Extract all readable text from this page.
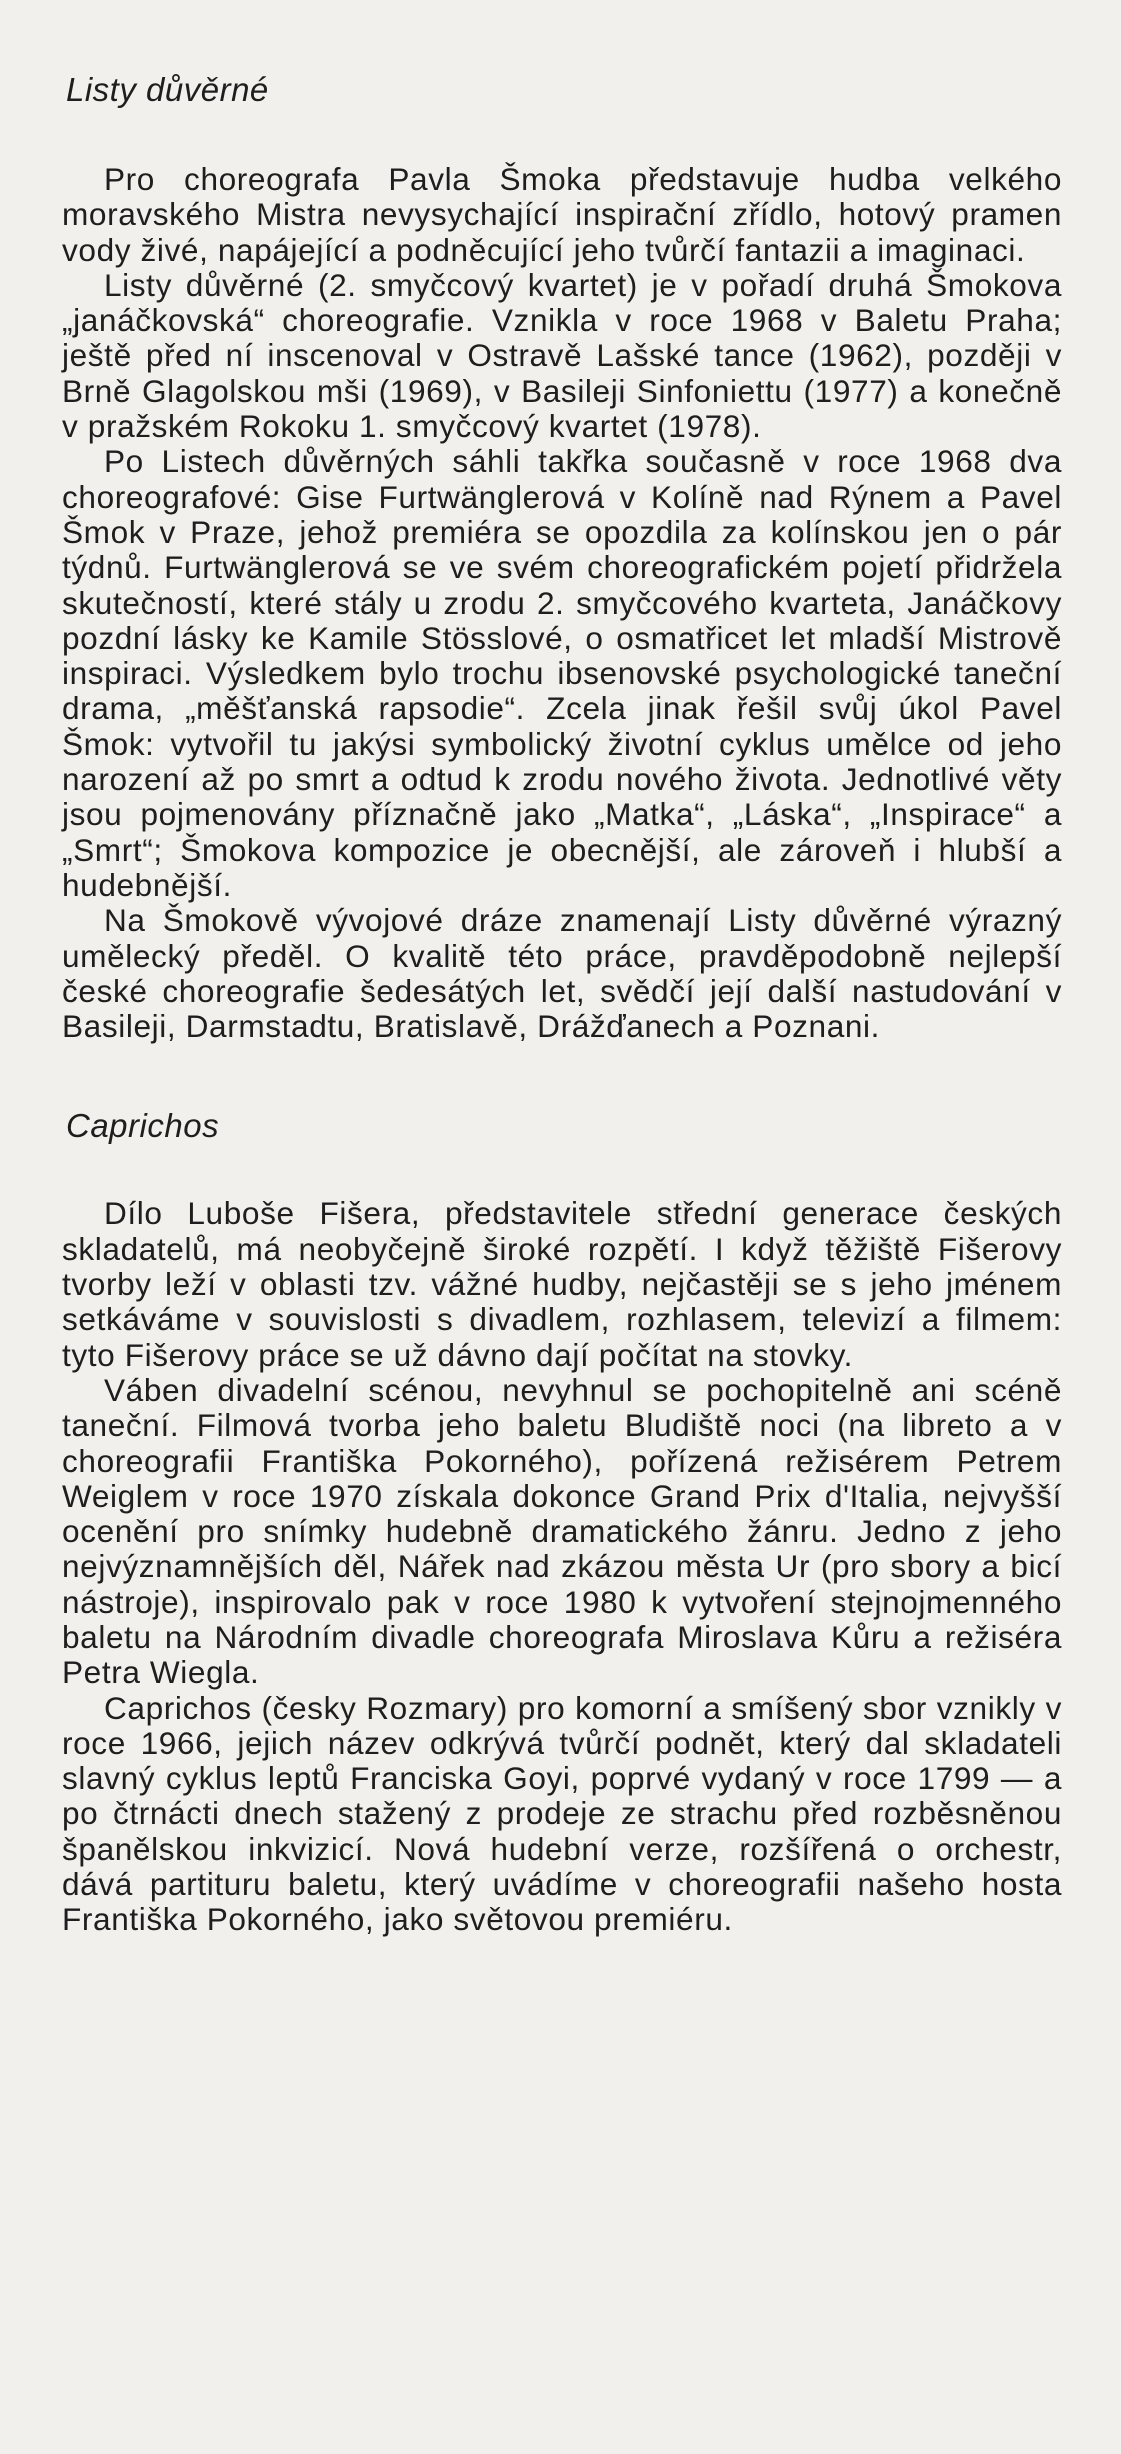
Listy důvěrné

Pro choreografa Pavla Šmoka představuje hudba velkého moravského Mistra nevysychající inspirační zřídlo, hotový pramen vody živé, napájející a podněcující jeho tvůrčí fantazii a imaginaci.

Listy důvěrné (2. smyčcový kvartet) je v pořadí druhá Šmokova „janáčkovská“ choreografie. Vznikla v roce 1968 v Baletu Praha; ještě před ní inscenoval v Ostravě Lašské tance (1962), později v Brně Glagolskou mši (1969), v Basileji Sinfoniettu (1977) a konečně v pražském Rokoku 1. smyčcový kvartet (1978).

Po Listech důvěrných sáhli takřka současně v roce 1968 dva choreografové: Gise Furtwänglerová v Kolíně nad Rýnem a Pavel Šmok v Praze, jehož premiéra se opozdila za kolínskou jen o pár týdnů. Furtwänglerová se ve svém choreografickém pojetí přidržela skutečností, které stály u zrodu 2. smyčcového kvarteta, Janáčkovy pozdní lásky ke Kamile Stösslové, o osmatřicet let mladší Mistrově inspiraci. Výsledkem bylo trochu ibsenovské psychologické taneční drama, „měšťanská rapsodie“. Zcela jinak řešil svůj úkol Pavel Šmok: vytvořil tu jakýsi symbolický životní cyklus umělce od jeho narození až po smrt a odtud k zrodu nového života. Jednotlivé věty jsou pojmenovány příznačně jako „Matka“, „Láska“, „Inspirace“ a „Smrt“; Šmokova kompozice je obecnější, ale zároveň i hlubší a hudebnější.

Na Šmokově vývojové dráze znamenají Listy důvěrné výrazný umělecký předěl. O kvalitě této práce, pravděpodobně nejlepší české choreografie šedesátých let, svědčí její další nastudování v Basileji, Darmstadtu, Bratislavě, Drážďanech a Poznani.

Caprichos

Dílo Luboše Fišera, představitele střední generace českých skladatelů, má neobyčejně široké rozpětí. I když těžiště Fišerovy tvorby leží v oblasti tzv. vážné hudby, nejčastěji se s jeho jménem setkáváme v souvislosti s divadlem, rozhlasem, televizí a filmem: tyto Fišerovy práce se už dávno dají počítat na stovky.

Váben divadelní scénou, nevyhnul se pochopitelně ani scéně taneční. Filmová tvorba jeho baletu Bludiště noci (na libreto a v choreografii Františka Pokorného), pořízená režisérem Petrem Weiglem v roce 1970 získala dokonce Grand Prix d'Italia, nejvyšší ocenění pro snímky hudebně dramatického žánru. Jedno z jeho nejvýznamnějších děl, Nářek nad zkázou města Ur (pro sbory a bicí nástroje), inspirovalo pak v roce 1980 k vytvoření stejnojmenného baletu na Národním divadle choreografa Miroslava Kůru a režiséra Petra Wiegla.

Caprichos (česky Rozmary) pro komorní a smíšený sbor vznikly v roce 1966, jejich název odkrývá tvůrčí podnět, který dal skladateli slavný cyklus leptů Franciska Goyi, poprvé vydaný v roce 1799 — a po čtrnácti dnech stažený z prodeje ze strachu před rozběsněnou španělskou inkvizicí. Nová hudební verze, rozšířená o orchestr, dává partituru baletu, který uvádíme v choreografii našeho hosta Františka Pokorného, jako světovou premiéru.
